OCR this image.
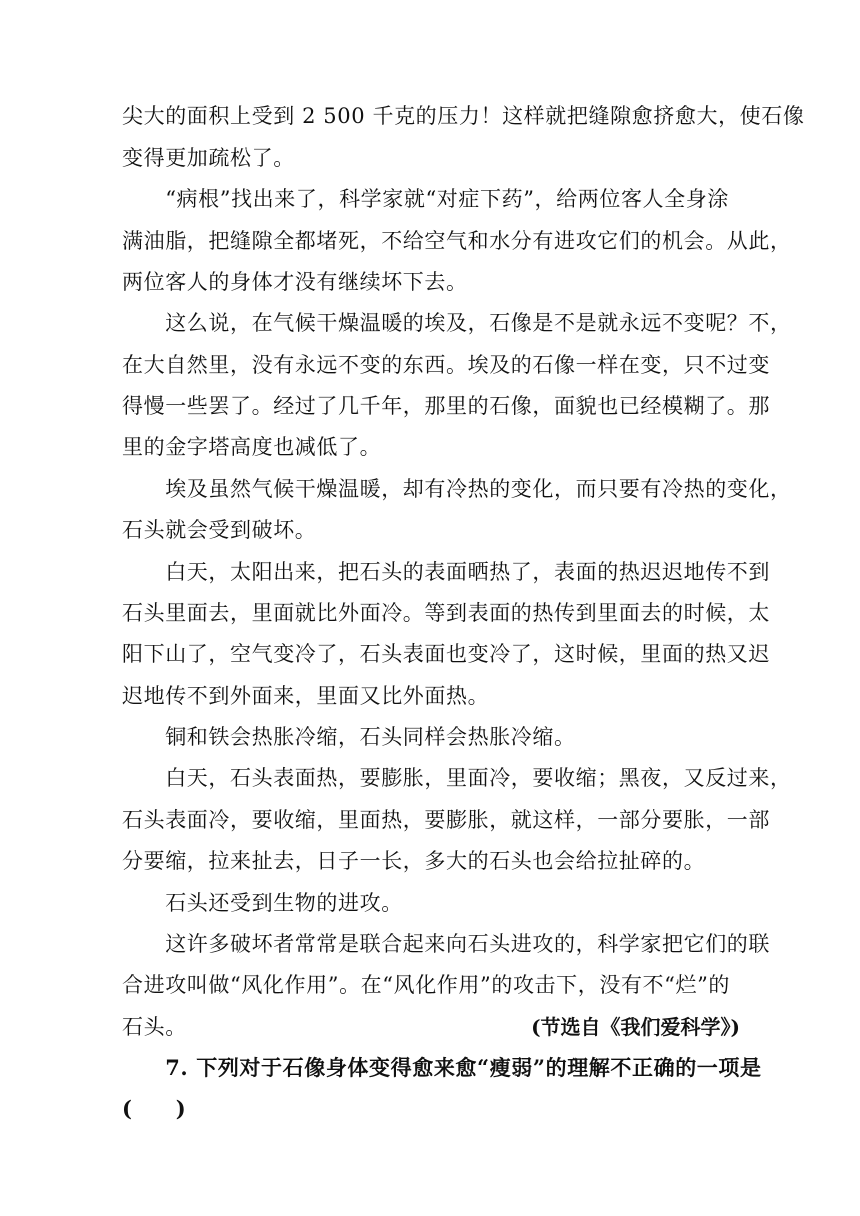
尖大的面积上受到 2 500 千克的压力！这样就把缝隙愈挤愈大，使石像
变得更加疏松了。
　　“病根”找出来了，科学家就“对症下药”，给两位客人全身涂
满油脂，把缝隙全都堵死，不给空气和水分有进攻它们的机会。从此，
两位客人的身体才没有继续坏下去。
　　这么说，在气候干燥温暖的埃及，石像是不是就永远不变呢？不，
在大自然里，没有永远不变的东西。埃及的石像一样在变，只不过变
得慢一些罢了。经过了几千年，那里的石像，面貌也已经模糊了。那
里的金字塔高度也减低了。
　　埃及虽然气候干燥温暖，却有冷热的变化，而只要有冷热的变化，
石头就会受到破坏。
　　白天，太阳出来，把石头的表面晒热了，表面的热迟迟地传不到
石头里面去，里面就比外面冷。等到表面的热传到里面去的时候，太
阳下山了，空气变冷了，石头表面也变冷了，这时候，里面的热又迟
迟地传不到外面来，里面又比外面热。
　　铜和铁会热胀冷缩，石头同样会热胀冷缩。
　　白天，石头表面热，要膨胀，里面冷，要收缩；黑夜，又反过来，
石头表面冷，要收缩，里面热，要膨胀，就这样，一部分要胀，一部
分要缩，拉来扯去，日子一长，多大的石头也会给拉扯碎的。
　　石头还受到生物的进攻。
　　这许多破坏者常常是联合起来向石头进攻的，科学家把它们的联
合进攻叫做“风化作用”。在“风化作用”的攻击下，没有不“烂”的
石头。	(节选自《我们爱科学》)
　　7. 下列对于石像身体变得愈来愈“瘦弱”的理解不正确的一项是
(　　)
